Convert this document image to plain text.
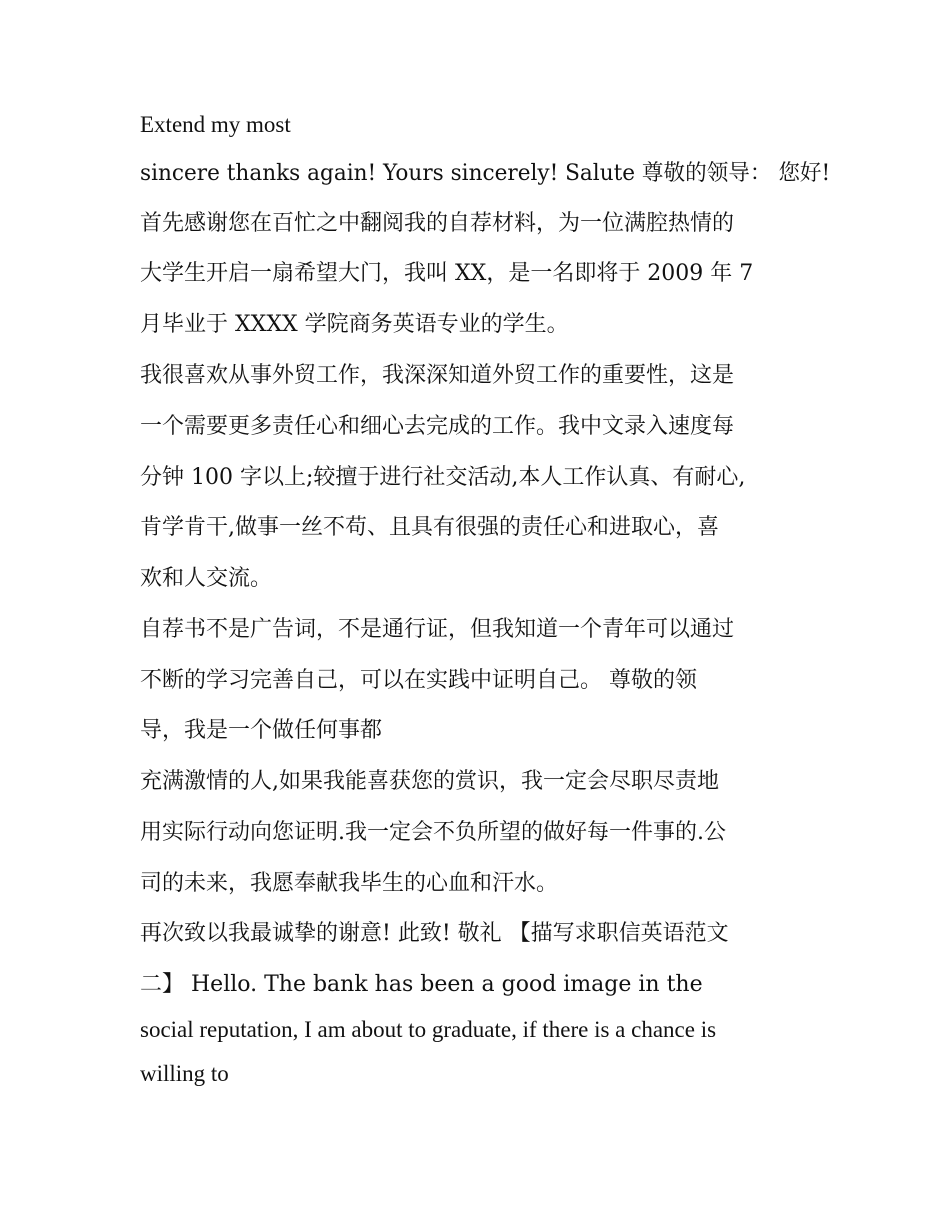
Extend my most

sincere thanks again! Yours sincerely! Salute 尊敬的领导： 您好!

首先感谢您在百忙之中翻阅我的自荐材料，为一位满腔热情的

大学生开启一扇希望大门，我叫 XX，是一名即将于 2009 年 7

月毕业于 XXXX 学院商务英语专业的学生。

我很喜欢从事外贸工作，我深深知道外贸工作的重要性，这是

一个需要更多责任心和细心去完成的工作。我中文录入速度每

分钟 100 字以上;较擅于进行社交活动,本人工作认真、有耐心,

肯学肯干,做事一丝不苟、且具有很强的责任心和进取心，喜

欢和人交流。

自荐书不是广告词，不是通行证，但我知道一个青年可以通过

不断的学习完善自己，可以在实践中证明自己。 尊敬的领

导，我是一个做任何事都

充满激情的人,如果我能喜获您的赏识，我一定会尽职尽责地

用实际行动向您证明.我一定会不负所望的做好每一件事的.公

司的未来，我愿奉献我毕生的心血和汗水。

再次致以我最诚挚的谢意! 此致! 敬礼 【描写求职信英语范文

二】 Hello. The bank has been a good image in the

social reputation, I am about to graduate, if there is a chance is

willing to
